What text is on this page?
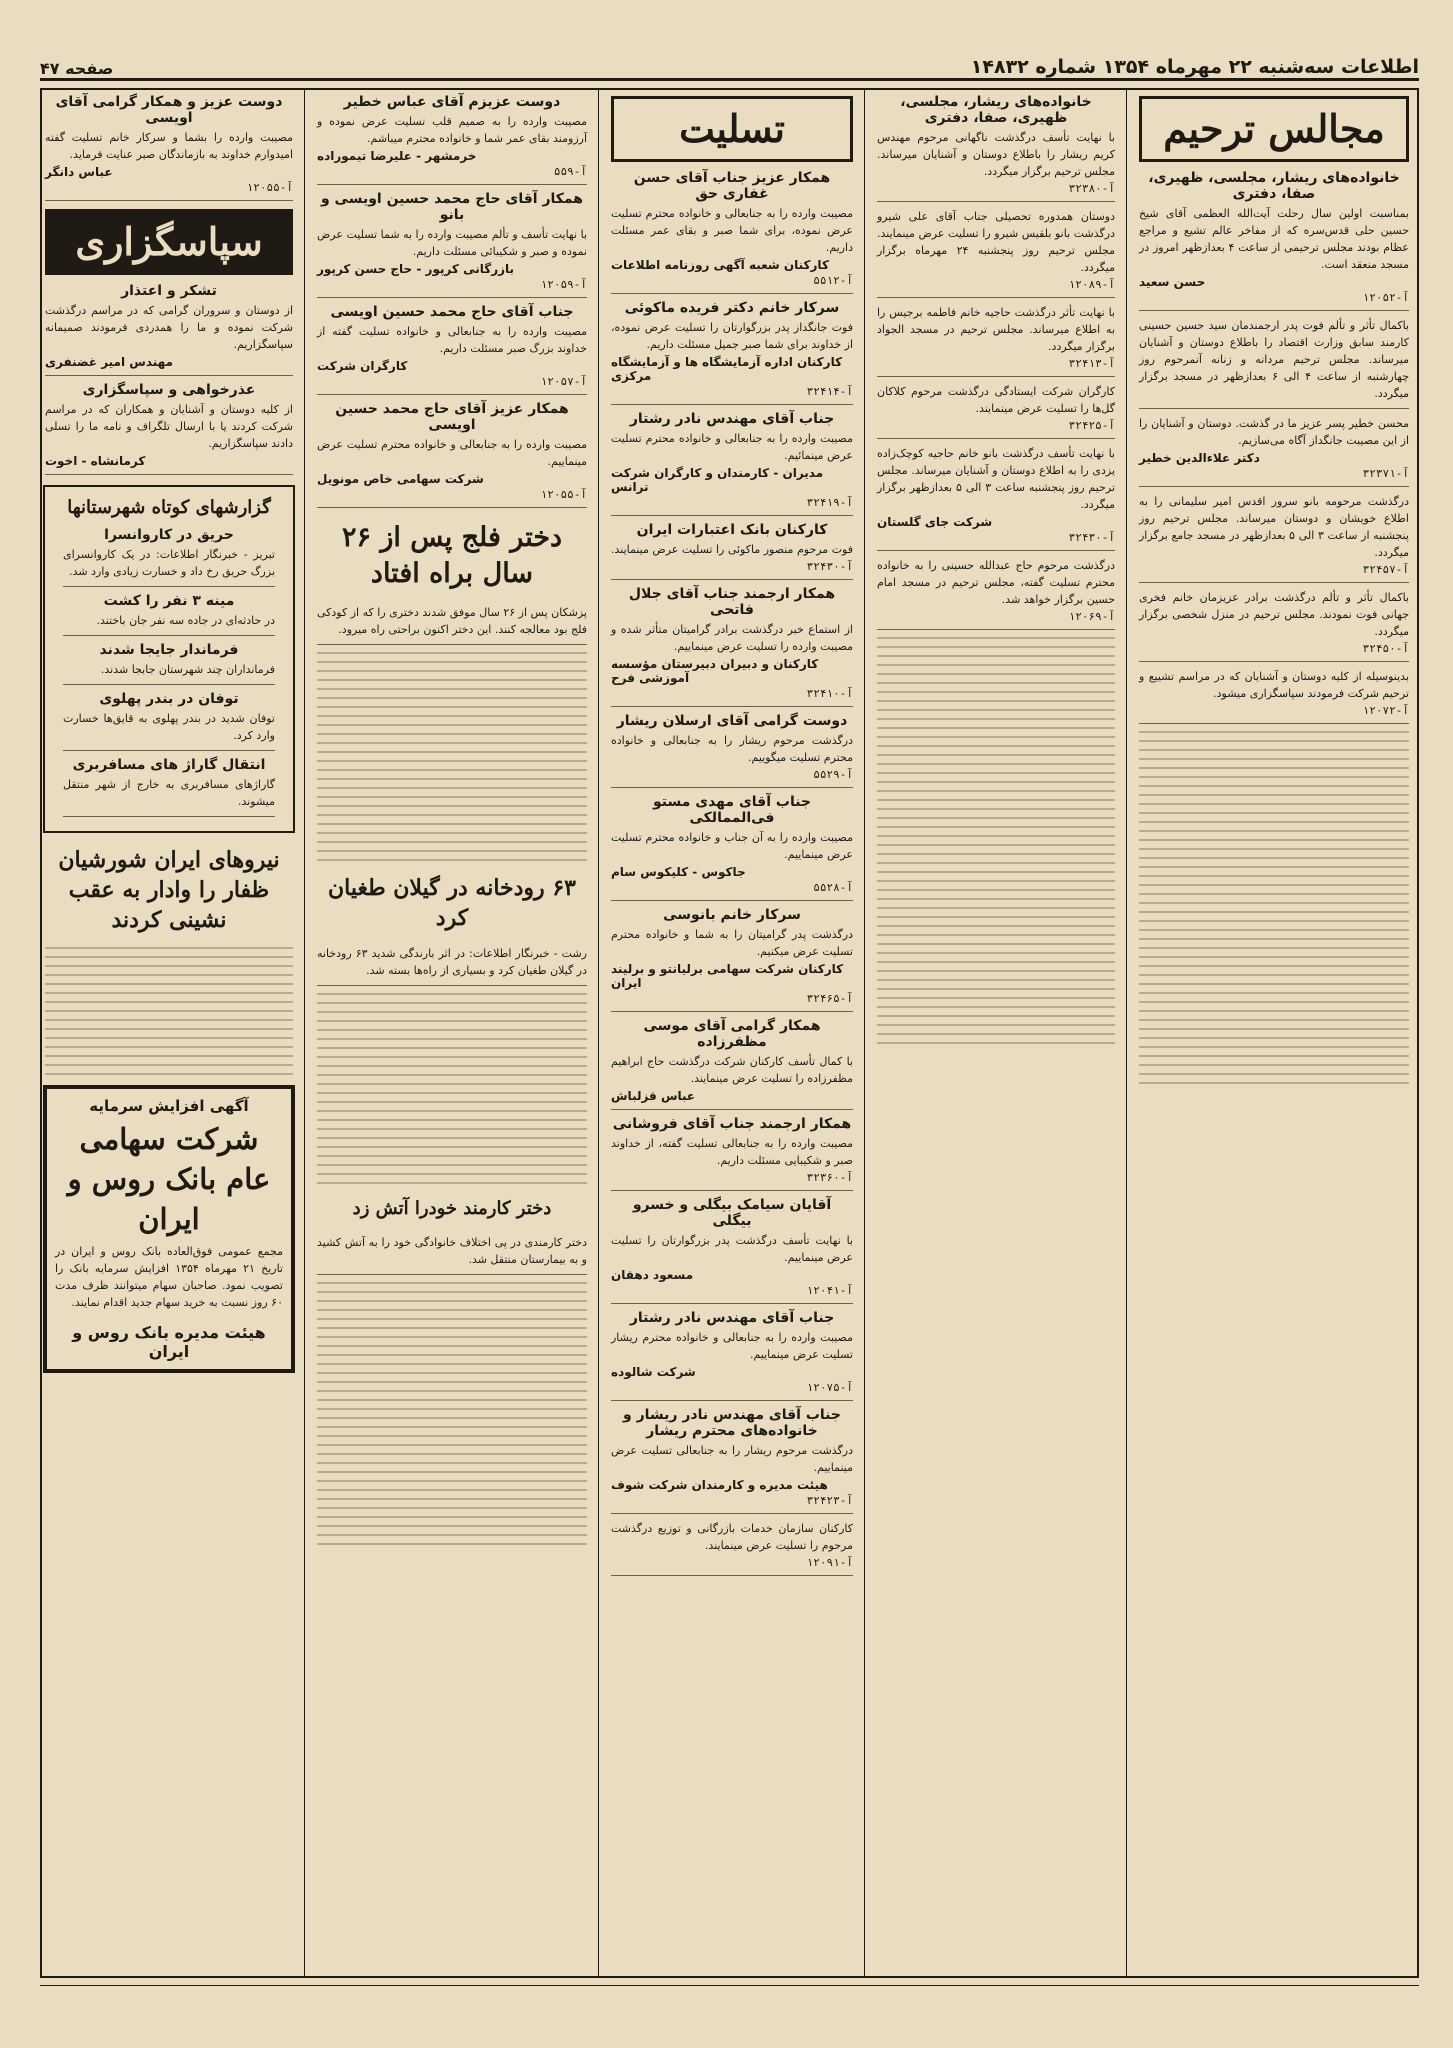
اطلاعات سه‌شنبه ۲۲ مهرماه ۱۳۵۴ شماره ۱۴۸۳۲
صفحه ۴۷
مجالس ترحیم
خانواده‌های ریشار، مجلسی، ظهیری، صفا، دفتری

بمناسبت اولین سال رحلت آیت‌الله العظمی آقای شیخ حسین حلی قدس‌سره که از مفاخر عالم تشیع و مراجع عظام بودند مجلس ترحیمی از ساعت ۴ بعدازظهر امروز در مسجد منعقد است.

حسن سعید
آ-۱۲۰۵۲

باکمال تأثر و تألم فوت پدر ارجمندمان سید حسین حسینی کارمند سابق وزارت اقتصاد را باطلاع دوستان و آشنایان میرساند. مجلس ترحیم مردانه و زنانه آنمرحوم روز چهارشنبه از ساعت ۴ الی ۶ بعدازظهر در مسجد برگزار میگردد.

محسن خطیر پسر عزیز ما در گذشت. دوستان و آشنایان را از این مصیبت جانگداز آگاه می‌سازیم.

دکتر علاءالدین خطیر
آ-۳۲۳۷۱

درگذشت مرحومه بانو سرور اقدس امیر سلیمانی را به اطلاع خویشان و دوستان میرساند. مجلس ترحیم روز پنجشنبه از ساعت ۳ الی ۵ بعدازظهر در مسجد جامع برگزار میگردد.

آ-۳۲۴۵۷

باکمال تأثر و تألم درگذشت برادر عزیزمان خانم فخری جهانی فوت نمودند. مجلس ترحیم در منزل شخصی برگزار میگردد.

آ-۳۲۴۵۰

بدینوسیله از کلیه دوستان و آشنایان که در مراسم تشییع و ترحیم شرکت فرمودند سپاسگزاری میشود.

آ-۱۲۰۷۲
خانواده‌های ریشار، مجلسی، ظهیری، صفا، دفتری

با نهایت تأسف درگذشت ناگهانی مرحوم مهندس کریم ریشار را باطلاع دوستان و آشنایان میرساند. مجلس ترحیم برگزار میگردد.

آ-۳۲۳۸۰

دوستان همدوره تحصیلی جناب آقای علی شیرو درگذشت بانو بلقیس شیرو را تسلیت عرض مینمایند. مجلس ترحیم روز پنجشنبه ۲۴ مهرماه برگزار میگردد.

آ-۱۲۰۸۹

با نهایت تأثر درگذشت حاجیه خانم فاطمه برجیس را به اطلاع میرساند. مجلس ترحیم در مسجد الجواد برگزار میگردد.

آ-۳۲۴۱۳

کارگران شرکت ایستادگی درگذشت مرحوم کلاکان گل‌ها را تسلیت عرض مینمایند.

آ-۳۲۴۲۵

با نهایت تأسف درگذشت بانو خانم حاجیه کوچک‌زاده یزدی را به اطلاع دوستان و آشنایان میرساند. مجلس ترحیم روز پنجشنبه ساعت ۳ الی ۵ بعدازظهر برگزار میگردد.

شرکت جای گلستان
آ-۳۲۴۳۰

درگذشت مرحوم حاج عبدالله حسینی را به خانواده محترم تسلیت گفته، مجلس ترحیم در مسجد امام حسین برگزار خواهد شد.

آ-۱۲۰۶۹
تسلیت
همکار عزیز جناب آقای حسن غفاری حق

مصیبت وارده را به جنابعالی و خانواده محترم تسلیت عرض نموده، برای شما صبر و بقای عمر مسئلت داریم.

کارکنان شعبه آگهی روزنامه اطلاعات
آ-۵۵۱۲
سرکار خانم دکتر فریده ماکوئی

فوت جانگداز پدر بزرگوارتان را تسلیت عرض نموده، از خداوند برای شما صبر جمیل مسئلت داریم.

کارکنان اداره آزمایشگاه ها و آزمایشگاه مرکزی
آ-۳۲۴۱۴
جناب آقای مهندس نادر رشتار

مصیبت وارده را به جنابعالی و خانواده محترم تسلیت عرض مینمائیم.

مدیران - کارمندان و کارگران شرکت ترانس
آ-۳۲۴۱۹
کارکنان بانک اعتبارات ایران

فوت مرحوم منصور ماکوئی را تسلیت عرض مینمایند.

آ-۳۲۴۳۰
همکار ارجمند جناب آقای جلال فاتحی

از استماع خبر درگذشت برادر گرامیتان متأثر شده و مصیبت وارده را تسلیت عرض مینماییم.

کارکنان و دبیران دبیرستان مؤسسه آموزشی فرح
آ-۳۲۴۱۰
دوست گرامی آقای ارسلان ریشار

درگذشت مرحوم ریشار را به جنابعالی و خانواده محترم تسلیت میگوییم.

آ-۵۵۲۹
جناب آقای مهدی مستو فی‌الممالکی

مصیبت وارده را به آن جناب و خانواده محترم تسلیت عرض مینماییم.

جاکوس - کلیکوس سام
آ-۵۵۲۸
سرکار خانم بانوسی

درگذشت پدر گرامیتان را به شما و خانواده محترم تسلیت عرض میکنیم.

کارکنان شرکت سهامی برلیانتو و برلیند ایران
آ-۳۲۴۶۵
همکار گرامی آقای موسی مظفرزاده

با کمال تأسف کارکنان شرکت درگذشت حاج ابراهیم مظفرزاده را تسلیت عرض مینمایند.

عباس قزلباش
همکار ارجمند جناب آقای فروشانی

مصیبت وارده را به جنابعالی تسلیت گفته، از خداوند صبر و شکیبایی مسئلت داریم.

آ-۳۲۳۶۰
آقایان سیامک بیگلی و خسرو بیگلی

با نهایت تأسف درگذشت پدر بزرگوارتان را تسلیت عرض مینماییم.

مسعود دهقان
آ-۱۲۰۴۱
جناب آقای مهندس نادر رشتار

مصیبت وارده را به جنابعالی و خانواده محترم ریشار تسلیت عرض مینماییم.

شرکت شالوده
آ-۱۲۰۷۵
جناب آقای مهندس نادر ریشار و خانواده‌های محترم ریشار

درگذشت مرحوم ریشار را به جنابعالی تسلیت عرض مینماییم.

هیئت مدیره و کارمندان شرکت شوف
آ-۳۲۴۲۳

کارکنان سازمان خدمات بازرگانی و توزیع درگذشت مرحوم را تسلیت عرض مینمایند.

آ-۱۲۰۹۱
دوست عزیزم آقای عباس خطیر

مصیبت وارده را به صمیم قلب تسلیت عرض نموده و آرزومند بقای عمر شما و خانواده محترم میباشم.

خرمشهر - علیرضا تیموراده
آ-۵۵۹
همکار آقای حاج محمد حسین اویسی و بانو

با نهایت تأسف و تألم مصیبت وارده را به شما تسلیت عرض نموده و صبر و شکیبائی مسئلت داریم.

بازرگانی کرپور - حاج حسن کرپور
آ-۱۲۰۵۹
جناب آقای حاج محمد حسین اویسی

مصیبت وارده را به جنابعالی و خانواده تسلیت گفته از خداوند بزرگ صبر مسئلت داریم.

کارگران شرکت
آ-۱۲۰۵۷
همکار عزیز آقای حاج محمد حسین اویسی

مصیبت وارده را به جنابعالی و خانواده محترم تسلیت عرض مینماییم.

شرکت سهامی خاص مونویل
آ-۱۲۰۵۵
دختر فلج پس از ۲۶ سال براه افتاد

پزشکان پس از ۲۶ سال موفق شدند دختری را که از کودکی فلج بود معالجه کنند. این دختر اکنون براحتی راه میرود.

۶۳ رودخانه در گیلان طغیان کرد

رشت - خبرنگار اطلاعات: در اثر بارندگی شدید ۶۳ رودخانه در گیلان طغیان کرد و بسیاری از راه‌ها بسته شد.

دختر کارمند خودرا آتش زد

دختر کارمندی در پی اختلاف خانوادگی خود را به آتش کشید و به بیمارستان منتقل شد.

دوست عزیز و همکار گرامی آقای اویسی

مصیبت وارده را بشما و سرکار خانم تسلیت گفته امیدوارم خداوند به بازماندگان صبر عنایت فرماید.

عباس دانگر
آ-۱۲۰۵۵
سپاسگزاری
تشکر و اعتذار

از دوستان و سروران گرامی که در مراسم درگذشت شرکت نموده و ما را همدردی فرمودند صمیمانه سپاسگزاریم.

مهندس امیر غضنفری
عذرخواهی و سپاسگزاری

از کلیه دوستان و آشنایان و همکاران که در مراسم شرکت کردند یا با ارسال تلگراف و نامه ما را تسلی دادند سپاسگزاریم.

کرمانشاه - اخوت
گزارشهای کوتاه شهرستانها
حریق در کاروانسرا

تبریز - خبرنگار اطلاعات: در یک کاروانسرای بزرگ حریق رخ داد و خسارت زیادی وارد شد.

مینه ۳ نفر را کشت

در حادثه‌ای در جاده سه نفر جان باختند.

فرماندار جایجا شدند

فرمانداران چند شهرستان جابجا شدند.

توفان در بندر پهلوی

توفان شدید در بندر پهلوی به قایق‌ها خسارت وارد کرد.

انتقال گاراژ های مسافربری

گاراژهای مسافربری به خارج از شهر منتقل میشوند.

نیروهای ایران شورشیان ظفار را وادار به عقب نشینی کردند
آگهی افزایش سرمایه
شرکت سهامی عام بانک روس و ایران

مجمع عمومی فوق‌العاده بانک روس و ایران در تاریخ ۲۱ مهرماه ۱۳۵۴ افزایش سرمایه بانک را تصویب نمود. صاحبان سهام میتوانند ظرف مدت ۶۰ روز نسبت به خرید سهام جدید اقدام نمایند.

هیئت مدیره بانک روس و ایران
